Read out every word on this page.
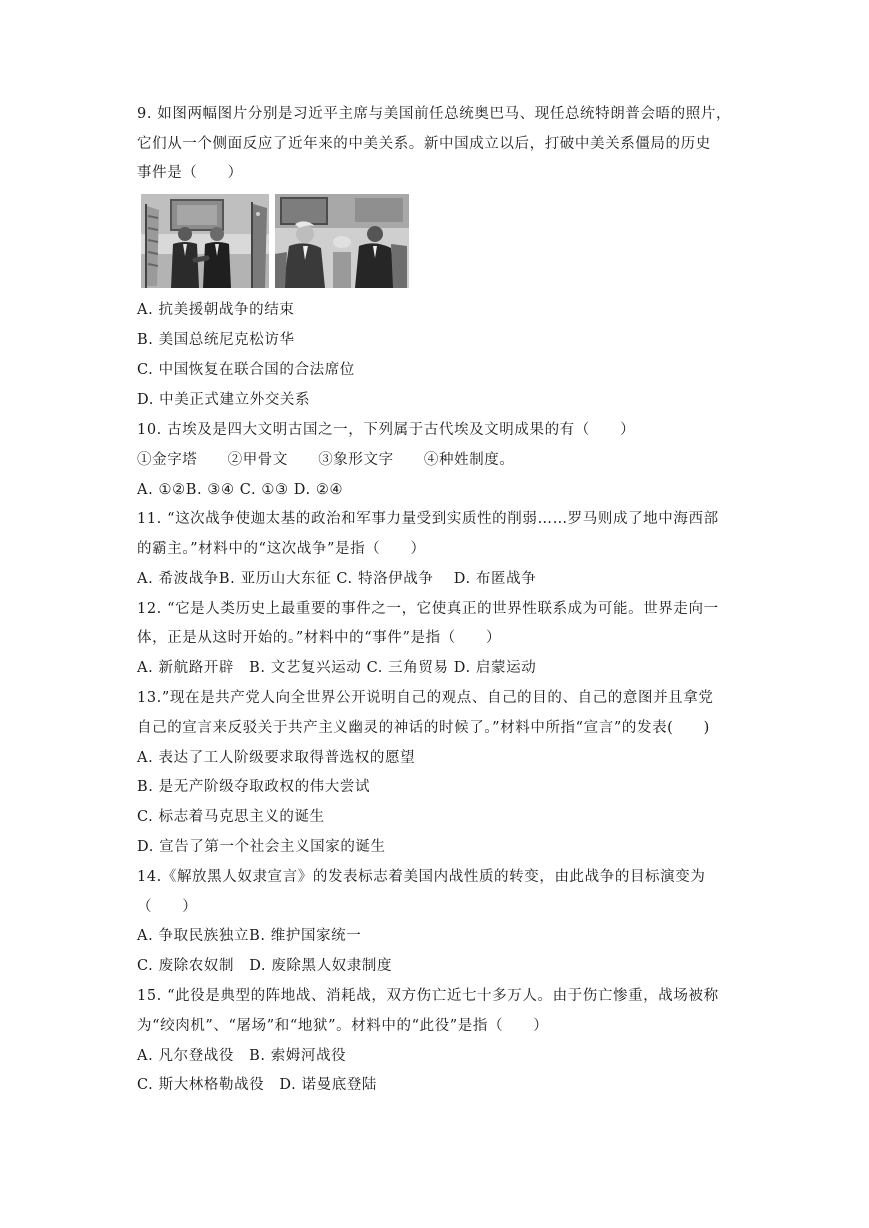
9. 如图两幅图片分别是习近平主席与美国前任总统奥巴马、现任总统特朗普会晤的照片，
它们从一个侧面反应了近年来的中美关系。新中国成立以后，打破中美关系僵局的历史
事件是（　　）
A. 抗美援朝战争的结束
B. 美国总统尼克松访华
C. 中国恢复在联合国的合法席位
D. 中美正式建立外交关系
10. 古埃及是四大文明古国之一，下列属于古代埃及文明成果的有（　　）
①金字塔　　②甲骨文　　③象形文字　　④种姓制度。
A. ①②B. ③④ C. ①③ D. ②④
11. “这次战争使迦太基的政治和军事力量受到实质性的削弱……罗马则成了地中海西部
的霸主。”材料中的“这次战争”是指（　　）
A. 希波战争B. 亚历山大东征 C. 特洛伊战争　 D. 布匿战争
12. “它是人类历史上最重要的事件之一，它使真正的世界性联系成为可能。世界走向一
体，正是从这时开始的。”材料中的“事件”是指（　　）
A. 新航路开辟　B. 文艺复兴运动 C. 三角贸易 D. 启蒙运动
13.”现在是共产党人向全世界公开说明自己的观点、自己的目的、自己的意图并且拿党
自己的宣言来反驳关于共产主义幽灵的神话的时候了。”材料中所指“宣言”的发表(　　)
A. 表达了工人阶级要求取得普选权的愿望
B. 是无产阶级夺取政权的伟大尝试
C. 标志着马克思主义的诞生
D. 宣告了第一个社会主义国家的诞生
14.《解放黑人奴隶宣言》的发表标志着美国内战性质的转变，由此战争的目标演变为
（　　）
A. 争取民族独立B. 维护国家统一
C. 废除农奴制　D. 废除黑人奴隶制度
15. “此役是典型的阵地战、消耗战，双方伤亡近七十多万人。由于伤亡惨重，战场被称
为“绞肉机”、“屠场”和“地狱”。材料中的“此役”是指（　　）
A. 凡尔登战役　B. 索姆河战役
C. 斯大林格勒战役　D. 诺曼底登陆
